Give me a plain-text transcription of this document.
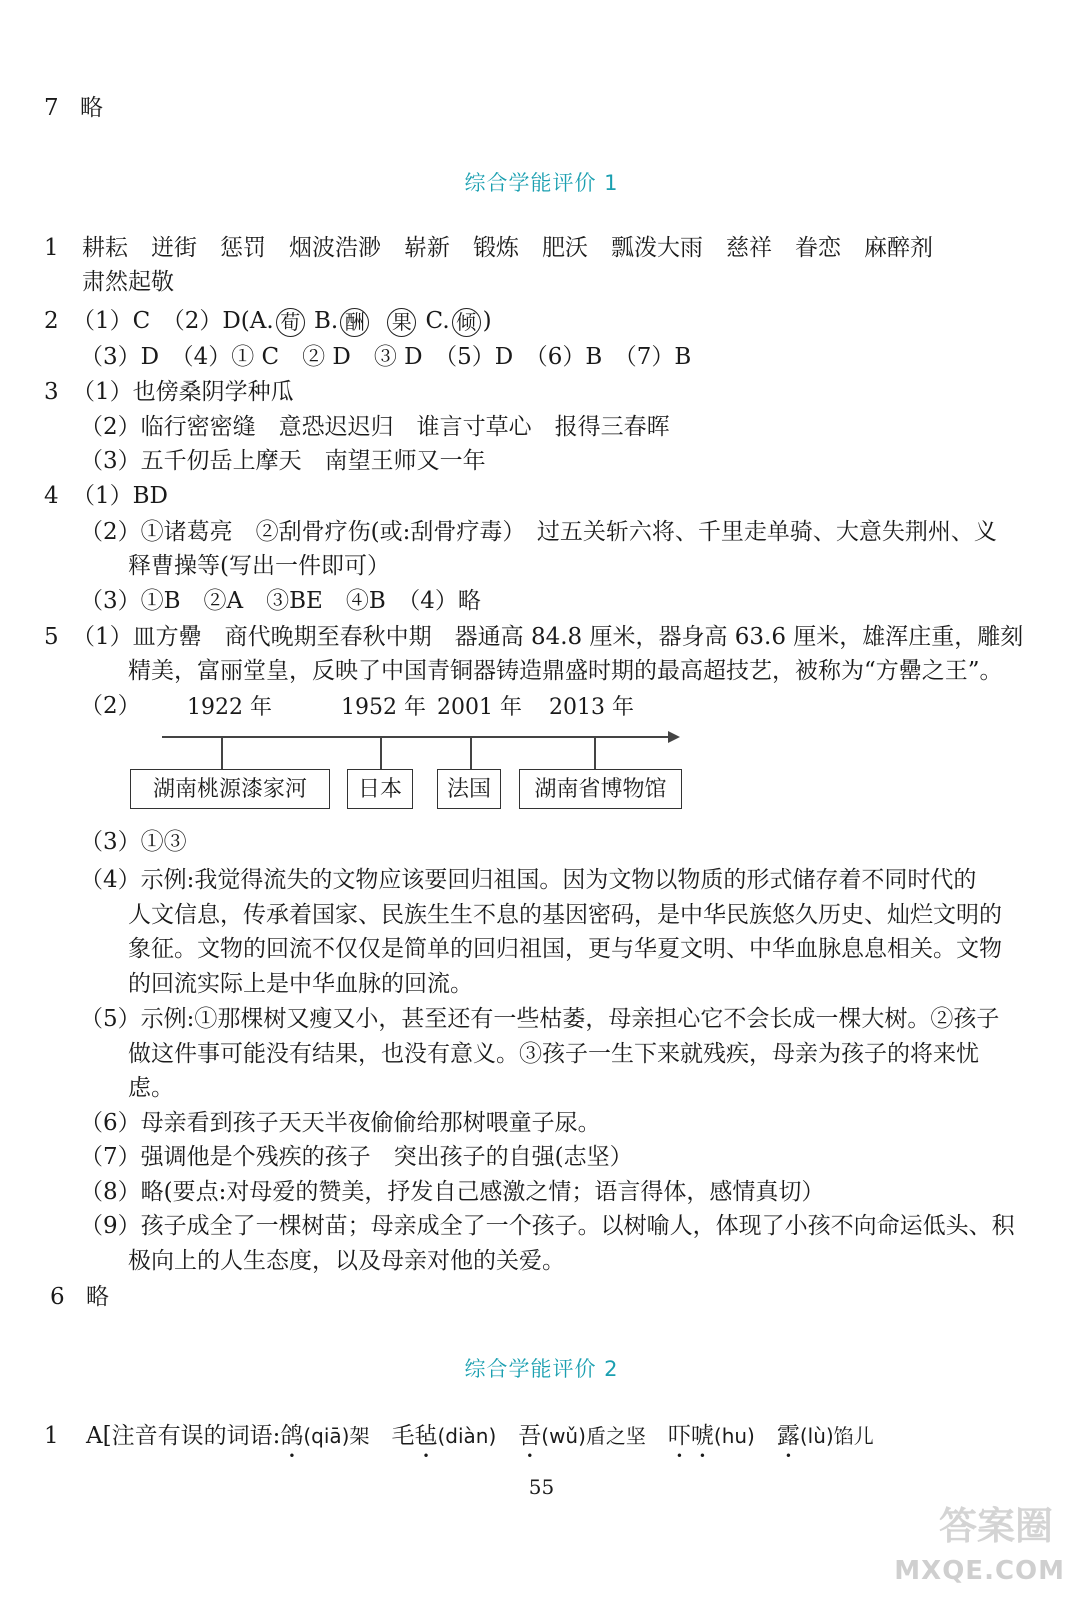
7 略
综合学能评价 1
1 耕耘　迸街　惩罚　烟波浩渺　崭新　锻炼　肥沃　瓢泼大雨　慈祥　眷恋　麻醉剂
肃然起敬
2 （1）C　（2）D(A. 荀 B. 酬 果 C. 倾 )
（3）D　（4）① C　② D　③ D　（5）D　（6）B　（7）B
3 （1）也傍桑阴学种瓜
（2）临行密密缝　意恐迟迟归　谁言寸草心　报得三春晖
（3）五千仞岳上摩天　南望王师又一年
4 （1）BD
（2）①诸葛亮　②刮骨疗伤(或:刮骨疗毒）　过五关斩六将、千里走单骑、大意失荆州、义
释曹操等(写出一件即可）
（3）①B　②A　③BE　④B　（4）略
5 （1）皿方罍　商代晚期至春秋中期　器通高 84.8 厘米，器身高 63.6 厘米，雄浑庄重，雕刻
精美，富丽堂皇，反映了中国青铜器铸造鼎盛时期的最高超技艺，被称为“方罍之王”。
（2） 1922 年	1952 年 2001 年 2013 年
湖南桃源漆家河	日本	法国	湖南省博物馆
（3）①③
（4）示例:我觉得流失的文物应该要回归祖国。因为文物以物质的形式储存着不同时代的
人文信息，传承着国家、民族生生不息的基因密码，是中华民族悠久历史、灿烂文明的
象征。文物的回流不仅仅是简单的回归祖国，更与华夏文明、中华血脉息息相关。文物
的回流实际上是中华血脉的回流。
（5）示例:①那棵树又瘦又小，甚至还有一些枯萎，母亲担心它不会长成一棵大树。②孩子
做这件事可能没有结果，也没有意义。③孩子一生下来就残疾，母亲为孩子的将来忧
虑。
（6）母亲看到孩子天天半夜偷偷给那树喂童子尿。
（7）强调他是个残疾的孩子　突出孩子的自强(志坚）
（8）略(要点:对母爱的赞美，抒发自己感激之情；语言得体，感情真切）
（9）孩子成全了一棵树苗；母亲成全了一个孩子。以树喻人，体现了小孩不向命运低头、积
极向上的人生态度，以及母亲对他的关爱。
6 略
综合学能评价 2
1 A[注音有误的词语:鸽(qiā)架 毛毡(diàn) 吾(wǔ)盾之坚 吓唬(hu) 露(lù)馅儿
55
答案圈
MXQE.COM
